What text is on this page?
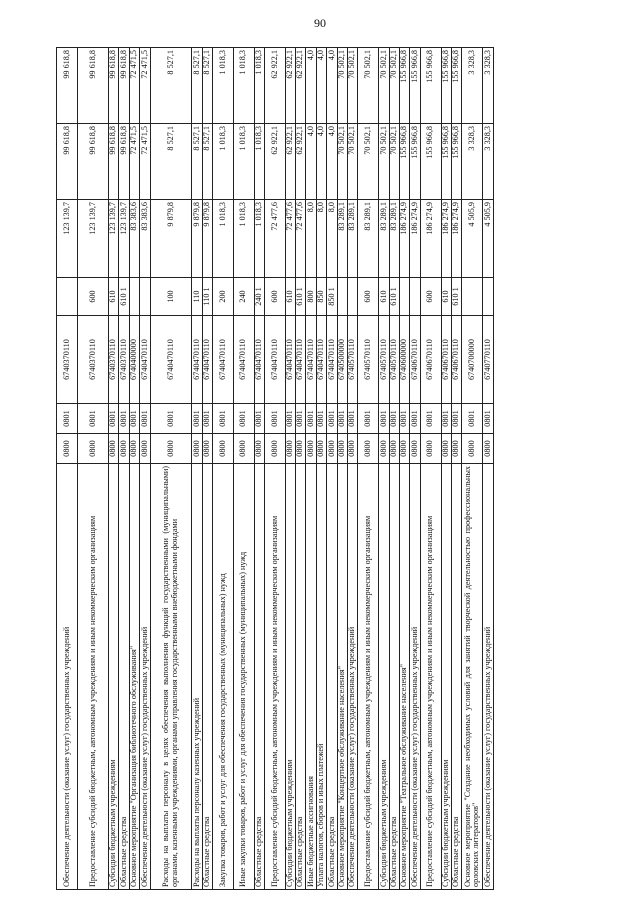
90
Обеспечение деятельности (оказание услуг) государственных учреждений	0800	0801	6740370110		123 139,7	99 618,8	99 618,8
Предоставление субсидий бюджетным, автономным учреждениям и иным некоммерческим организациям	0800	0801	6740370110	600	123 139,7	99 618,8	99 618,8
Субсидии бюджетным учреждениям	0800	0801	6740370110	610	123 139,7	99 618,8	99 618,8
Областные средства	0800	0801	6740370110	610 1	123 139,7	99 618,8	99 618,8
Основное мероприятие "Организация библиотечного обслуживания"	0800	0801	6740400000		83 383,6	72 471,5	72 471,5
Обеспечение деятельности (оказание услуг) государственных учреждений	0800	0801	6740470110		83 383,6	72 471,5	72 471,5
Расходы на выплаты персоналу в целях обеспечения выполнения функций государственными (муниципальными) органами, казенными учреждениями, органами управления государственными внебюджетными фондами	0800	0801	6740470110	100	9 879,8	8 527,1	8 527,1
Расходы на выплаты персоналу казенных учреждений	0800	0801	6740470110	110	9 879,8	8 527,1	8 527,1
Областные средства	0800	0801	6740470110	110 1	9 879,8	8 527,1	8 527,1
Закупка товаров, работ и услуг для обеспечения государственных (муниципальных) нужд	0800	0801	6740470110	200	1 018,3	1 018,3	1 018,3
Иные закупки товаров, работ и услуг для обеспечения государственных (муниципальных) нужд	0800	0801	6740470110	240	1 018,3	1 018,3	1 018,3
Областные средства	0800	0801	6740470110	240 1	1 018,3	1 018,3	1 018,3
Предоставление субсидий бюджетным, автономным учреждениям и иным некоммерческим организациям	0800	0801	6740470110	600	72 477,6	62 922,1	62 922,1
Субсидии бюджетным учреждениям	0800	0801	6740470110	610	72 477,6	62 922,1	62 922,1
Областные средства	0800	0801	6740470110	610 1	72 477,6	62 922,1	62 922,1
Иные бюджетные ассигнования	0800	0801	6740470110	800	8,0	4,0	4,0
Уплата налогов, сборов и иных платежей	0800	0801	6740470110	850	8,0	4,0	4,0
Областные средства	0800	0801	6740470110	850 1	8,0	4,0	4,0
Основное мероприятие "Концертное обслуживание населения"	0800	0801	6740500000		83 289,1	70 502,1	70 502,1
Обеспечение деятельности (оказание услуг) государственных учреждений	0800	0801	6740570110		83 289,1	70 502,1	70 502,1
Предоставление субсидий бюджетным, автономным учреждениям и иным некоммерческим организациям	0800	0801	6740570110	600	83 289,1	70 502,1	70 502,1
Субсидии бюджетным учреждениям	0800	0801	6740570110	610	83 289,1	70 502,1	70 502,1
Областные средства	0800	0801	6740570110	610 1	83 289,1	70 502,1	70 502,1
Основное мероприятие "Театральное обслуживание населения"	0800	0801	6740600000		186 274,9	155 966,8	155 966,8
Обеспечение деятельности (оказание услуг) государственных учреждений	0800	0801	6740670110		186 274,9	155 966,8	155 966,8
Предоставление субсидий бюджетным, автономным учреждениям и иным некоммерческим организациям	0800	0801	6740670110	600	186 274,9	155 966,8	155 966,8
Субсидии бюджетным учреждениям	0800	0801	6740670110	610	186 274,9	155 966,8	155 966,8
Областные средства	0800	0801	6740670110	610 1	186 274,9	155 966,8	155 966,8
Основное мероприятие "Создание необходимых условий для занятий творческой деятельностью профессиональных орловских литераторов"	0800	0801	6740700000		4 505,9	3 328,3	3 328,3
Обеспечение деятельности (оказание услуг) государственных учреждений	0800	0801	6740770110		4 505,9	3 328,3	3 328,3
